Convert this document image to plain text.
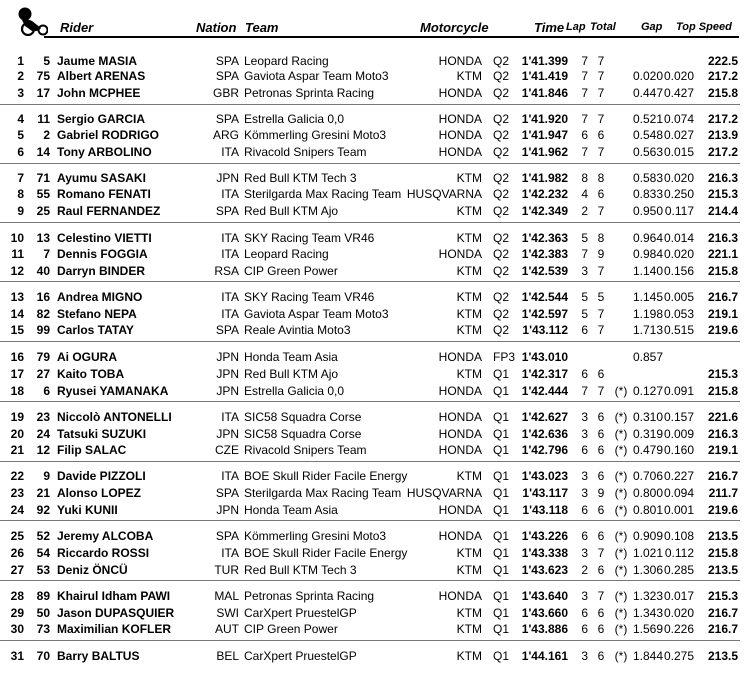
Rider	Nation Team	Motorcycle	Time Lap Total Gap Top Speed
1	5 Jaume MASIA	SPA Leopard Racing	HONDA Q2	1'41.399 7 7	222.5
2	75 Albert ARENAS	SPA Gaviota Aspar Team Moto3	KTM Q2	1'41.419 7 7	0.020 0.020	217.2
3	17 John MCPHEE	GBR Petronas Sprinta Racing	HONDA Q2	1'41.846 7 7	0.447 0.427	215.8
4	11 Sergio GARCIA	SPA Estrella Galicia 0,0	HONDA Q2	1'41.920 7 7	0.521 0.074	217.2
5	2 Gabriel RODRIGO	ARG Kömmerling Gresini Moto3	HONDA Q2	1'41.947 6 6	0.548 0.027	213.9
6	14 Tony ARBOLINO	ITA Rivacold Snipers Team	HONDA Q2	1'41.962 7 7	0.563 0.015	217.2
7	71 Ayumu SASAKI	JPN Red Bull KTM Tech 3	KTM Q2	1'41.982 8 8	0.583 0.020	216.3
8	55 Romano FENATI	ITA Sterilgarda Max Racing Team HUSQVARNA Q2	1'42.232 4 6	0.833 0.250	215.3
9	25 Raul FERNANDEZ	SPA Red Bull KTM Ajo	KTM Q2	1'42.349 2 7	0.950 0.117	214.4
10	13 Celestino VIETTI	ITA SKY Racing Team VR46	KTM Q2	1'42.363 5 8	0.964 0.014	216.3
11	7 Dennis FOGGIA	ITA Leopard Racing	HONDA Q2	1'42.383 7 9	0.984 0.020	221.1
12	40 Darryn BINDER	RSA CIP Green Power	KTM Q2	1'42.539 3 7	1.140 0.156	215.8
13	16 Andrea MIGNO	ITA SKY Racing Team VR46	KTM Q2	1'42.544 5 5	1.145 0.005	216.7
14	82 Stefano NEPA	ITA Gaviota Aspar Team Moto3	KTM Q2	1'42.597 5 7	1.198 0.053	219.1
15	99 Carlos TATAY	SPA Reale Avintia Moto3	KTM Q2	1'43.112 6 7	1.713 0.515	219.6
16	79 Ai OGURA	JPN Honda Team Asia	HONDA FP3 1'43.010	0.857
17	27 Kaito TOBA	JPN Red Bull KTM Ajo	KTM Q1	1'42.317 6 6	215.3
18	6 Ryusei YAMANAKA	JPN Estrella Galicia 0,0	HONDA Q1	1'42.444 7 7 (*) 0.127 0.091	215.8
19	23 Niccolò ANTONELLI	ITA SIC58 Squadra Corse	HONDA Q1	1'42.627 3 6 (*) 0.310 0.157	221.6
20	24 Tatsuki SUZUKI	JPN SIC58 Squadra Corse	HONDA Q1	1'42.636 3 6 (*) 0.319 0.009	216.3
21	12 Filip SALAC	CZE Rivacold Snipers Team	HONDA Q1	1'42.796 6 6 (*) 0.479 0.160	219.1
22	9 Davide PIZZOLI	ITA BOE Skull Rider Facile Energy	KTM Q1	1'43.023 3 6 (*) 0.706 0.227	216.7
23	21 Alonso LOPEZ	SPA Sterilgarda Max Racing Team HUSQVARNA Q1	1'43.117 3 9 (*) 0.800 0.094	211.7
24	92 Yuki KUNII	JPN Honda Team Asia	HONDA Q1	1'43.118 6 6 (*) 0.801 0.001	219.6
25	52 Jeremy ALCOBA	SPA Kömmerling Gresini Moto3	HONDA Q1	1'43.226 6 6 (*) 0.909 0.108	213.5
26	54 Riccardo ROSSI	ITA BOE Skull Rider Facile Energy	KTM Q1	1'43.338 3 7 (*) 1.021 0.112	215.8
27	53 Deniz ÖNCÜ	TUR Red Bull KTM Tech 3	KTM Q1	1'43.623 2 6 (*) 1.306 0.285	213.5
28	89 Khairul Idham PAWI	MAL Petronas Sprinta Racing	HONDA Q1	1'43.640 3 7 (*) 1.323 0.017	215.3
29	50 Jason DUPASQUIER	SWI CarXpert PruestelGP	KTM Q1	1'43.660 6 6 (*) 1.343 0.020	216.7
30	73 Maximilian KOFLER	AUT CIP Green Power	KTM Q1	1'43.886 6 6 (*) 1.569 0.226	216.7
31	70 Barry BALTUS	BEL CarXpert PruestelGP	KTM Q1	1'44.161 3 6 (*) 1.844 0.275	213.5
